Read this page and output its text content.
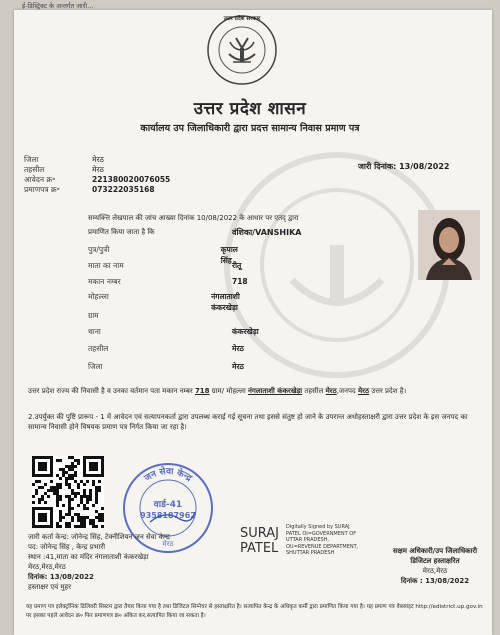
ई-डिस्ट्रिक्ट के अन्तर्गत जारी...
उत्तर प्रदेश सरकार
उत्तर प्रदेश शासन
कार्यालय उप जिलाधिकारी द्वारा प्रदत्त सामान्य निवास प्रमाण पत्र
जिला	मेरठ
तहसील	मेरठ
आवेदन क्र॰	221380020076055
प्रमाणपत्र क्र॰	073222035168
जारी दिनांक: 13/08/2022
सम्यक्त्ति लेखपाल की जांच आख्या दिनांक 10/08/2022 के आधार पर एतद् द्वारा
प्रमाणित किया जाता है कि	वंशिका/VANSHIKA
पुत्र/पुत्री	कृपाल सिंह
माता का नाम	रीतू
मकान नम्बर	718
मोहल्ला	नंगलाताशी कंकरखेड़ा
ग्राम
थाना	कंकरखेड़ा
तहसील	मेरठ
जिला	मेरठ
उत्तर प्रदेश राज्य की निवासी है व उनका वर्तमान पता मकान नम्बर 718 ग्राम/ मोहल्ला नंगलाताशी कंकरखेड़ा तहसील मेरठ,जनपद मेरठ उत्तर प्रदेश है।
2.उपर्युक्त की पुष्टि प्रारूप - 1 में आवेदन एवं सत्यापनकर्ता द्वारा उपलब्ध कराई गई सूचना तथा इससे संतुष्ट हो जाने के उपरान्त अधोहस्ताक्षरी द्वारा उत्तर प्रदेश के इस जनपद का सामान्य निवासी होने विषयक प्रमाण पत्र निर्गत किया जा रहा है।
जन सेवा केन्द्र
वार्ड-41
9358187962
मेरठ
जारी कर्ता केन्द्र: जोनेन्द्र सिंह, टेक्नीशियन जन सेवा केन्द्र
पद: जोनेन्द्र सिंह , केन्द्र प्रभारी
स्थान :41,माता का मंदिर नंगलाताशी कंकरखेड़ा
मेरठ,मेरठ,मेरठ
दिनांक: 13/08/2022
हस्ताक्षर एवं मुहर
SURAJ
PATEL
Digitally Signed by SURAJ PATEL OI=GOVERNMENT OF UTTAR PRADESH, OU=REVENUE DEPARTMENT, SHUTTAR PRADESH	सक्षम अधिकारी/उप जिलाधिकारी
डिजिटल हस्ताक्षरित
मेरठ,मेरठ
दिनांक : 13/08/2022
यह प्रमाण पत्र इलेक्ट्रॉनिक डिलिवरी सिस्टम द्वारा तैयार किया गया है तथा डिजिटल सिग्नेचर से हस्ताक्षरित है। सत्यापित केन्द्र के अधिकृत कर्मी द्वारा प्रमाणित किया गया है। यह प्रमाण पत्र वेबसाइट http://edistrict.up.gov.in पर इसका पहले आवेदन क्र० फिर प्रमाणपत्र क्र० अंकित कर,सत्यापित किया जा सकता है।
